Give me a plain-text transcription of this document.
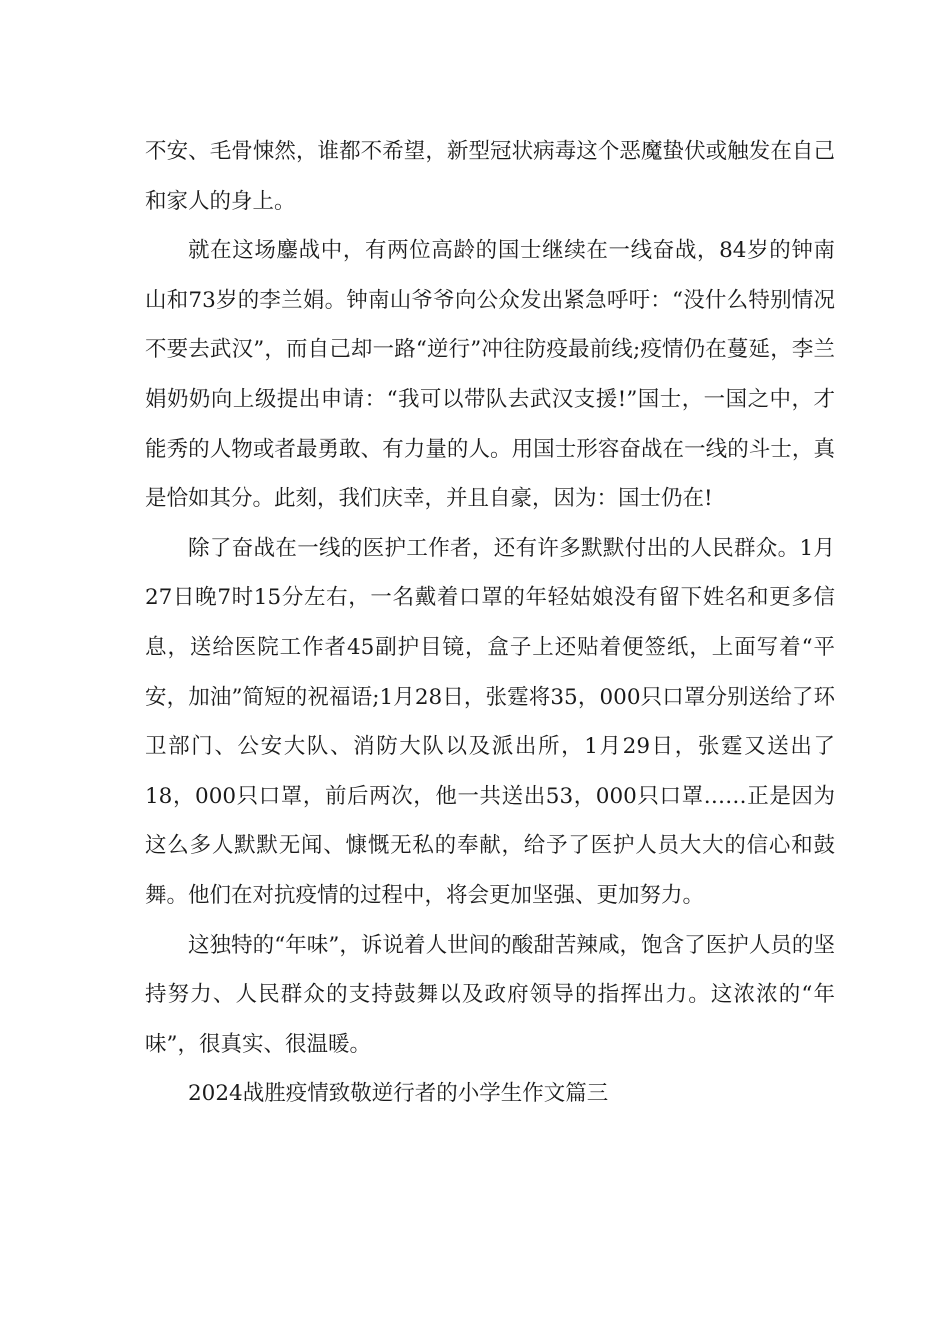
不安、毛骨悚然，谁都不希望，新型冠状病毒这个恶魔蛰伏或触发在自己和家人的身上。

就在这场鏖战中，有两位高龄的国士继续在一线奋战，84岁的钟南山和73岁的李兰娟。钟南山爷爷向公众发出紧急呼吁：“没什么特别情况不要去武汉”，而自己却一路“逆行”冲往防疫最前线;疫情仍在蔓延，李兰娟奶奶向上级提出申请：“我可以带队去武汉支援!”国士，一国之中，才能秀的人物或者最勇敢、有力量的人。用国士形容奋战在一线的斗士，真是恰如其分。此刻，我们庆幸，并且自豪，因为：国士仍在!

除了奋战在一线的医护工作者，还有许多默默付出的人民群众。1月27日晚7时15分左右，一名戴着口罩的年轻姑娘没有留下姓名和更多信息，送给医院工作者45副护目镜，盒子上还贴着便签纸，上面写着“平安，加油”简短的祝福语;1月28日，张霆将35，000只口罩分别送给了环卫部门、公安大队、消防大队以及派出所，1月29日，张霆又送出了18，000只口罩，前后两次，他一共送出53，000只口罩……正是因为这么多人默默无闻、慷慨无私的奉献，给予了医护人员大大的信心和鼓舞。他们在对抗疫情的过程中，将会更加坚强、更加努力。

这独特的“年味”，诉说着人世间的酸甜苦辣咸，饱含了医护人员的坚持努力、人民群众的支持鼓舞以及政府领导的指挥出力。这浓浓的“年味”，很真实、很温暖。

2024战胜疫情致敬逆行者的小学生作文篇三
